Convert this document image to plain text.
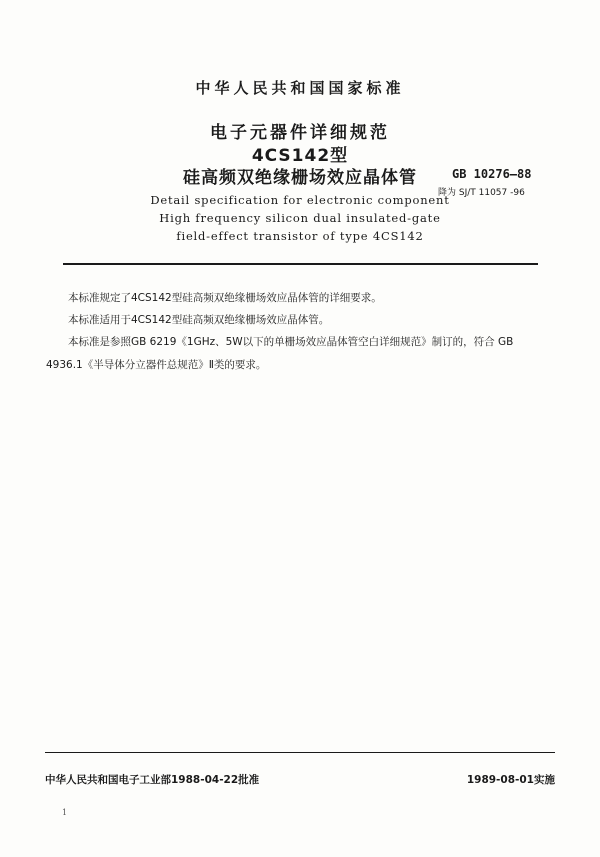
中华人民共和国国家标准
电子元器件详细规范
4CS142型
硅高频双绝缘栅场效应晶体管	GB 10276—88
降为 SJ/T 11057 -96
Detail specification for electronic component
High frequency silicon dual insulated-gate
field-effect transistor of type 4CS142
本标准规定了4CS142型硅高频双绝缘栅场效应晶体管的详细要求。
本标准适用于4CS142型硅高频双绝缘栅场效应晶体管。
本标准是参照GB 6219《1GHz、5W以下的单栅场效应晶体管空白详细规范》制订的，符合 GB
4936.1《半导体分立器件总规范》Ⅱ类的要求。
中华人民共和国电子工业部1988-04-22批准	1989-08-01实施
1
